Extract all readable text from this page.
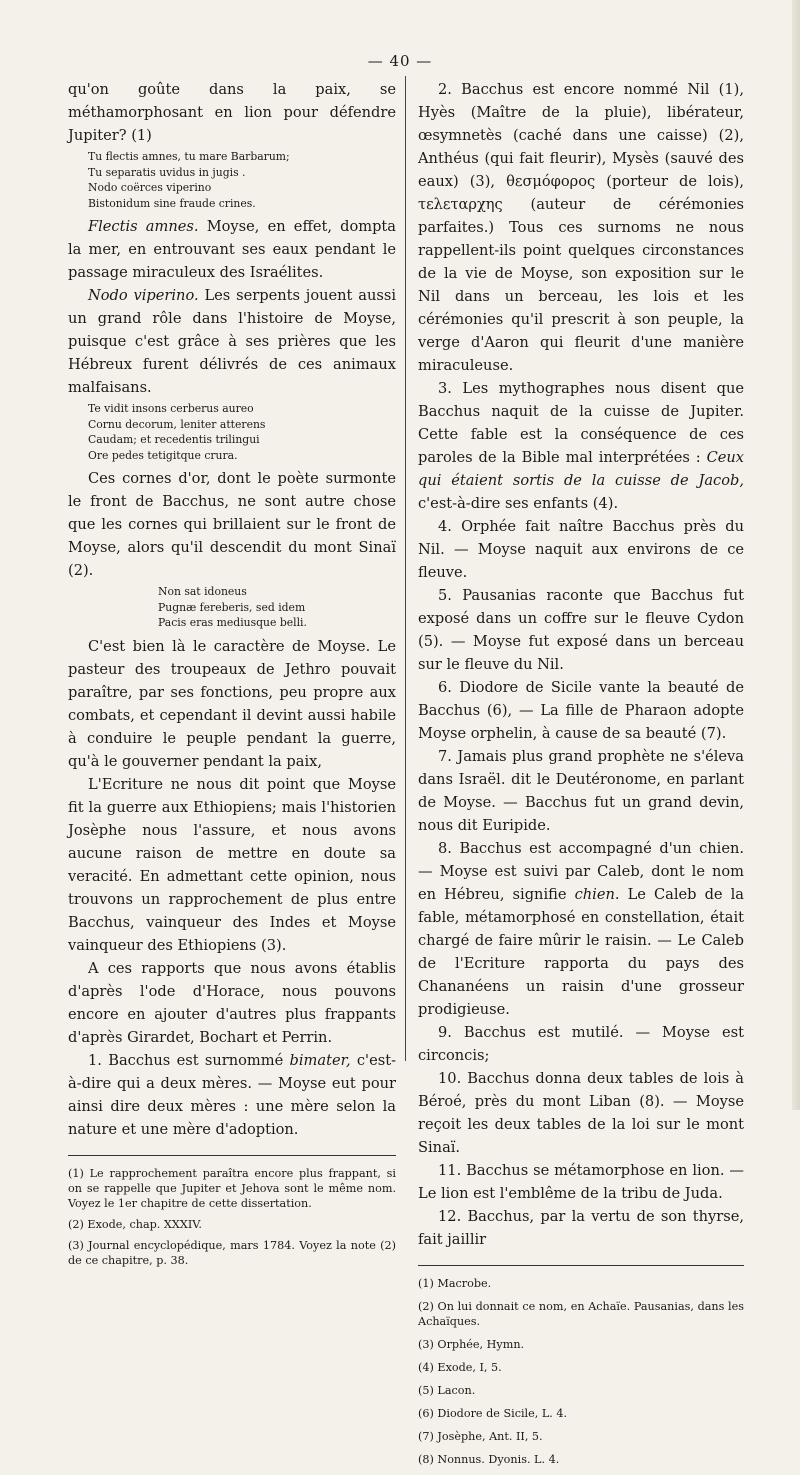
— 40 —

qu'on goûte dans la paix, se méthamorphosant en lion pour défendre Jupiter? (1)

Tu flectis amnes, tu mare Barbarum;
Tu separatis uvidus in jugis .
Nodo coërces viperino
Bistonidum sine fraude crines.

Flectis amnes. Moyse, en effet, dompta la mer, en entrouvant ses eaux pendant le passage miraculeux des Israélites.

Nodo viperino. Les serpents jouent aussi un grand rôle dans l'histoire de Moyse, puisque c'est grâce à ses prières que les Hébreux furent délivrés de ces animaux malfaisans.

Te vidit insons cerberus aureo
Cornu decorum, leniter atterens
Caudam; et recedentis trilingui
Ore pedes tetigitque crura.

Ces cornes d'or, dont le poète surmonte le front de Bacchus, ne sont autre chose que les cornes qui brillaient sur le front de Moyse, alors qu'il descendit du mont Sinaï (2).

Non sat idoneus
Pugnæ fereberis, sed idem
Pacis eras mediusque belli.

C'est bien là le caractère de Moyse. Le pasteur des troupeaux de Jethro pouvait paraître, par ses fonctions, peu propre aux combats, et cependant il devint aussi habile à conduire le peuple pendant la guerre, qu'à le gouverner pendant la paix,

L'Ecriture ne nous dit point que Moyse fit la guerre aux Ethiopiens; mais l'historien Josèphe nous l'assure, et nous avons aucune raison de mettre en doute sa veracité. En admettant cette opinion, nous trouvons un rapprochement de plus entre Bacchus, vainqueur des Indes et Moyse vainqueur des Ethiopiens (3).

A ces rapports que nous avons établis d'après l'ode d'Horace, nous pouvons encore en ajouter d'autres plus frappants d'après Girardet, Bochart et Perrin.

1. Bacchus est surnommé bimater, c'est-à-dire qui a deux mères. — Moyse eut pour ainsi dire deux mères : une mère selon la nature et une mère d'adoption.

(1) Le rapprochement paraîtra encore plus frappant, si on se rappelle que Jupiter et Jehova sont le même nom. Voyez le 1er chapitre de cette dissertation.
(2) Exode, chap. XXXIV.
(3) Journal encyclopédique, mars 1784. Voyez la note (2) de ce chapitre, p. 38.

2. Bacchus est encore nommé Nil (1), Hyès (Maître de la pluie), libérateur, œsymnetès (caché dans une caisse) (2), Anthéus (qui fait fleurir), Mysès (sauvé des eaux) (3), θεσμόφορος (porteur de lois), τελεταρχης (auteur de cérémonies parfaites.) Tous ces surnoms ne nous rappellent-ils point quelques circonstances de la vie de Moyse, son exposition sur le Nil dans un berceau, les lois et les cérémonies qu'il prescrit à son peuple, la verge d'Aaron qui fleurit d'une manière miraculeuse.

3. Les mythographes nous disent que Bacchus naquit de la cuisse de Jupiter. Cette fable est la conséquence de ces paroles de la Bible mal interprétées : Ceux qui étaient sortis de la cuisse de Jacob, c'est-à-dire ses enfants (4).

4. Orphée fait naître Bacchus près du Nil. — Moyse naquit aux environs de ce fleuve.

5. Pausanias raconte que Bacchus fut exposé dans un coffre sur le fleuve Cydon (5). — Moyse fut exposé dans un berceau sur le fleuve du Nil.

6. Diodore de Sicile vante la beauté de Bacchus (6), — La fille de Pharaon adopte Moyse orphelin, à cause de sa beauté (7).

7. Jamais plus grand prophète ne s'éleva dans Israël. dit le Deutéronome, en parlant de Moyse. — Bacchus fut un grand devin, nous dit Euripide.

8. Bacchus est accompagné d'un chien. — Moyse est suivi par Caleb, dont le nom en Hébreu, signifie chien. Le Caleb de la fable, métamorphosé en constellation, était chargé de faire mûrir le raisin. — Le Caleb de l'Ecriture rapporta du pays des Chananéens un raisin d'une grosseur prodigieuse.

9. Bacchus est mutilé. — Moyse est circoncis;

10. Bacchus donna deux tables de lois à Béroé, près du mont Liban (8). — Moyse reçoit les deux tables de la loi sur le mont Sinaï.

11. Bacchus se métamorphose en lion. — Le lion est l'emblême de la tribu de Juda.

12. Bacchus, par la vertu de son thyrse, fait jaillir

(1) Macrobe.
(2) On lui donnait ce nom, en Achaïe. Pausanias, dans les Achaïques.
(3) Orphée, Hymn.
(4) Exode, I, 5.
(5) Lacon.
(6) Diodore de Sicile, L. 4.
(7) Josèphe, Ant. II, 5.
(8) Nonnus. Dyonis. L. 4.
